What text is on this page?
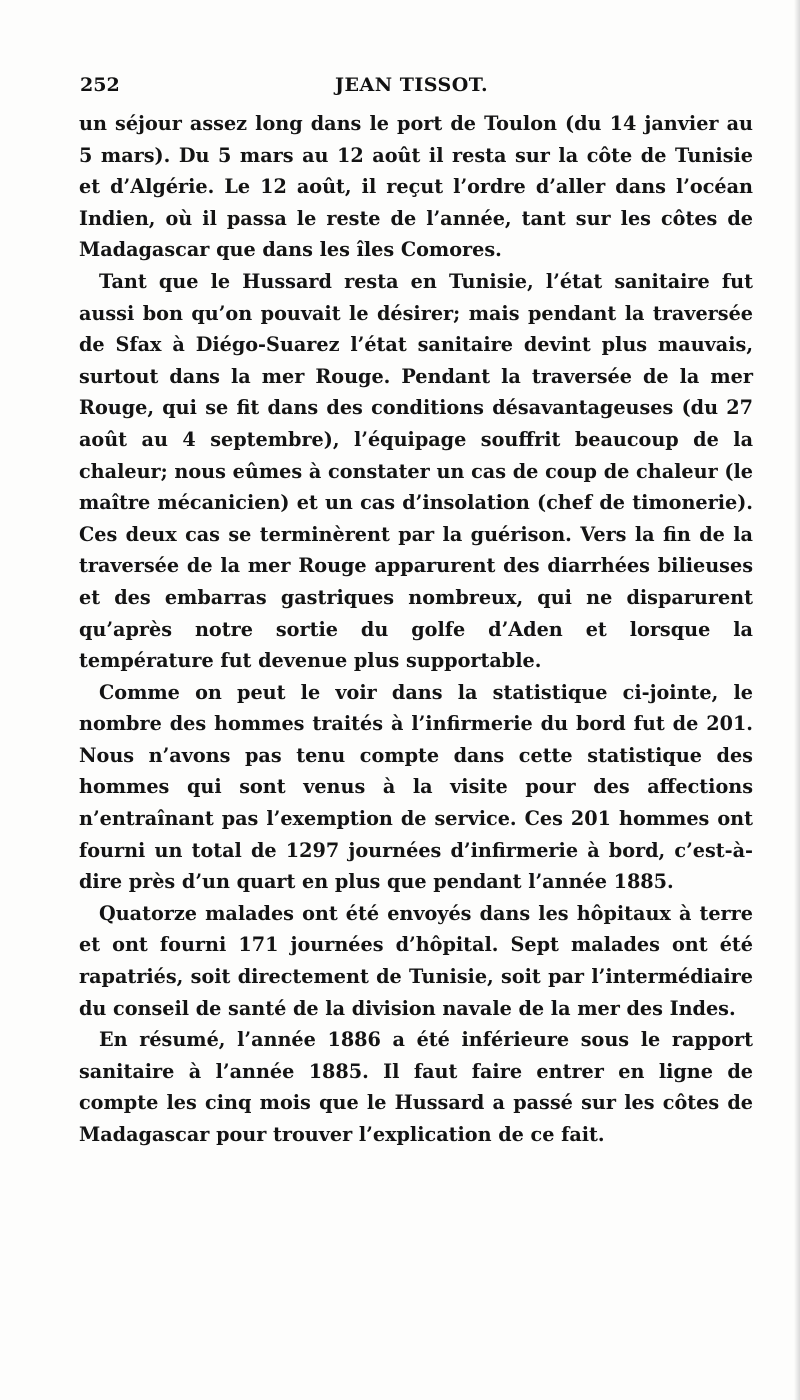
252	JEAN TISSOT.

un séjour assez long dans le port de Toulon (du 14 janvier au 5 mars). Du 5 mars au 12 août il resta sur la côte de Tunisie et d’Algérie. Le 12 août, il reçut l’ordre d’aller dans l’océan Indien, où il passa le reste de l’année, tant sur les côtes de Madagascar que dans les îles Comores.

Tant que le Hussard resta en Tunisie, l’état sanitaire fut aussi bon qu’on pouvait le désirer; mais pendant la traversée de Sfax à Diégo-Suarez l’état sanitaire devint plus mauvais, surtout dans la mer Rouge. Pendant la traversée de la mer Rouge, qui se fit dans des conditions désavantageuses (du 27 août au 4 septembre), l’équipage souffrit beaucoup de la chaleur; nous eûmes à constater un cas de coup de chaleur (le maître mécanicien) et un cas d’insolation (chef de timonerie). Ces deux cas se terminèrent par la guérison. Vers la fin de la traversée de la mer Rouge apparurent des diarrhées bilieuses et des embarras gastriques nombreux, qui ne disparurent qu’après notre sortie du golfe d’Aden et lorsque la température fut devenue plus supportable.

Comme on peut le voir dans la statistique ci-jointe, le nombre des hommes traités à l’infirmerie du bord fut de 201. Nous n’avons pas tenu compte dans cette statistique des hommes qui sont venus à la visite pour des affections n’entraînant pas l’exemption de service. Ces 201 hommes ont fourni un total de 1297 journées d’infirmerie à bord, c’est-à-dire près d’un quart en plus que pendant l’année 1885.

Quatorze malades ont été envoyés dans les hôpitaux à terre et ont fourni 171 journées d’hôpital. Sept malades ont été rapatriés, soit directement de Tunisie, soit par l’intermédiaire du conseil de santé de la division navale de la mer des Indes.

En résumé, l’année 1886 a été inférieure sous le rapport sanitaire à l’année 1885. Il faut faire entrer en ligne de compte les cinq mois que le Hussard a passé sur les côtes de Madagascar pour trouver l’explication de ce fait.
